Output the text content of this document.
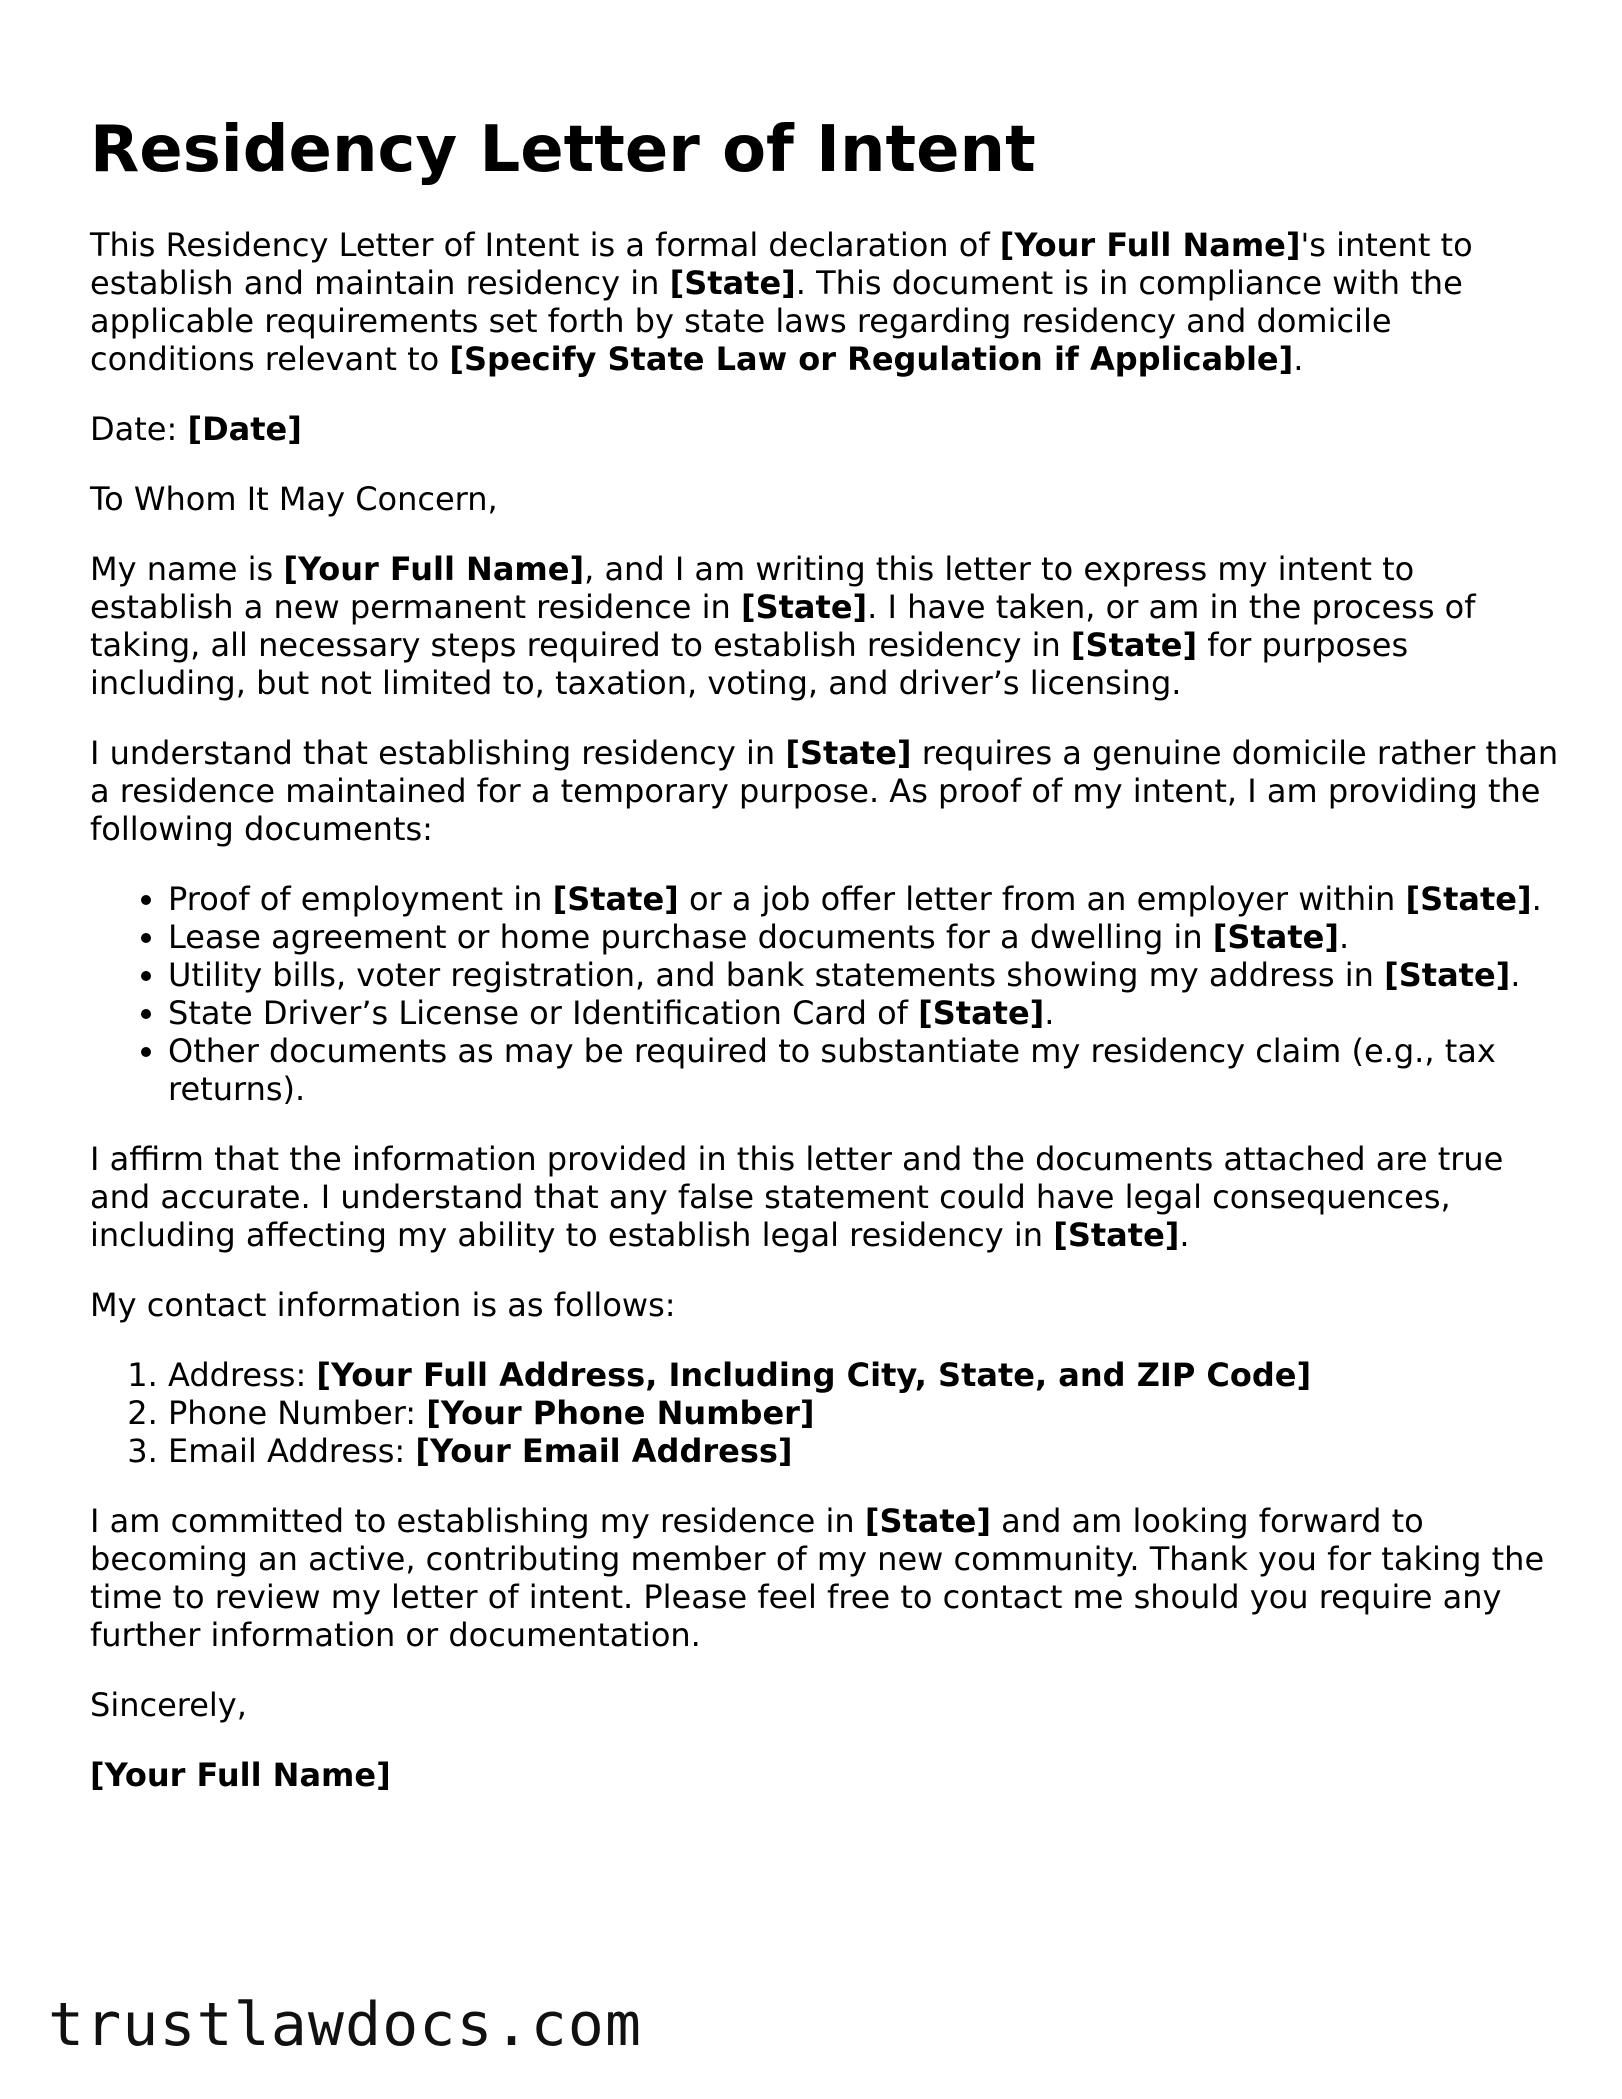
Residency Letter of Intent

This Residency Letter of Intent is a formal declaration of [Your Full Name]'s intent to establish and maintain residency in [State]. This document is in compliance with the applicable requirements set forth by state laws regarding residency and domicile conditions relevant to [Specify State Law or Regulation if Applicable].

Date: [Date]

To Whom It May Concern,

My name is [Your Full Name], and I am writing this letter to express my intent to establish a new permanent residence in [State]. I have taken, or am in the process of taking, all necessary steps required to establish residency in [State] for purposes including, but not limited to, taxation, voting, and driver’s licensing.

I understand that establishing residency in [State] requires a genuine domicile rather than a residence maintained for a temporary purpose. As proof of my intent, I am providing the following documents:

• Proof of employment in [State] or a job offer letter from an employer within [State].
• Lease agreement or home purchase documents for a dwelling in [State].
• Utility bills, voter registration, and bank statements showing my address in [State].
• State Driver’s License or Identification Card of [State].
• Other documents as may be required to substantiate my residency claim (e.g., tax returns).

I affirm that the information provided in this letter and the documents attached are true and accurate. I understand that any false statement could have legal consequences, including affecting my ability to establish legal residency in [State].

My contact information is as follows:

1. Address: [Your Full Address, Including City, State, and ZIP Code]
2. Phone Number: [Your Phone Number]
3. Email Address: [Your Email Address]

I am committed to establishing my residence in [State] and am looking forward to becoming an active, contributing member of my new community. Thank you for taking the time to review my letter of intent. Please feel free to contact me should you require any further information or documentation.

Sincerely,

[Your Full Name]

trustlawdocs.com
